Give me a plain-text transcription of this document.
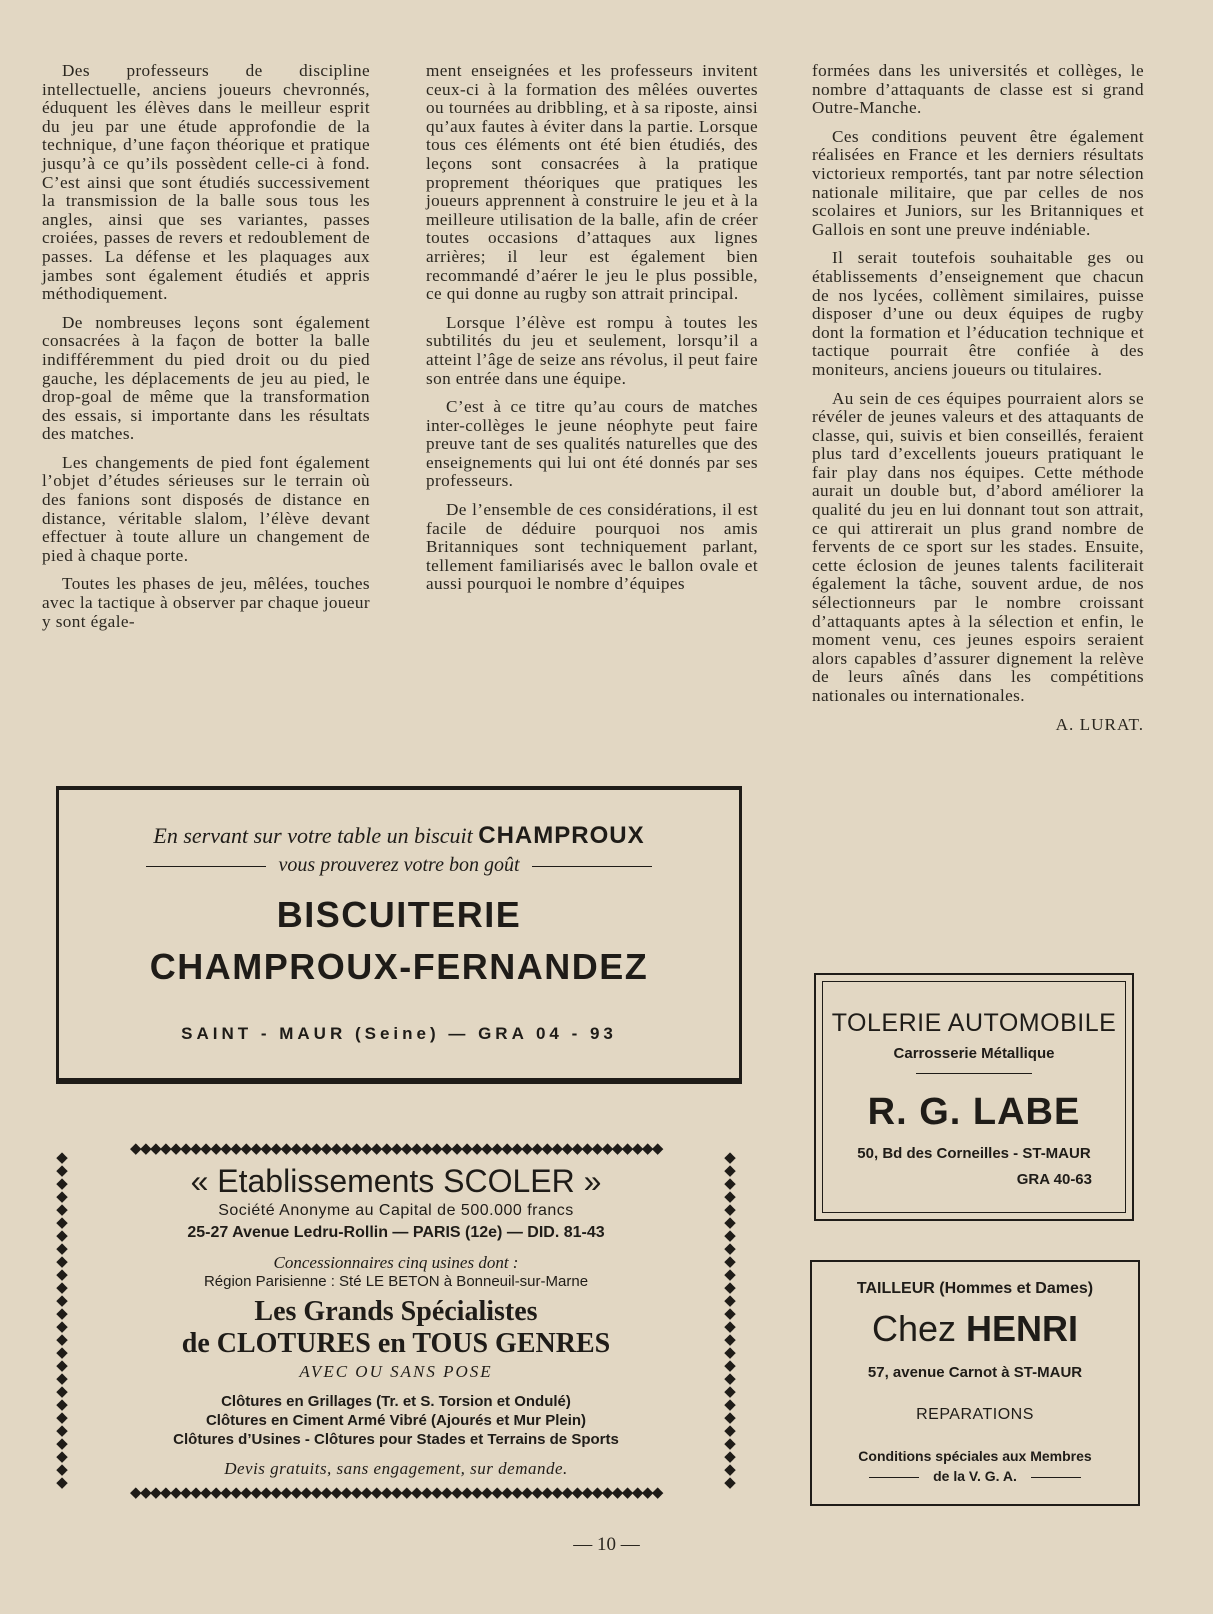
Des professeurs de discipline intellectuelle, anciens joueurs chevronnés, éduquent les élèves dans le meilleur esprit du jeu par une étude approfondie de la technique, d’une façon théorique et pratique jusqu’à ce qu’ils possèdent celle-ci à fond. C’est ainsi que sont étudiés successivement la transmission de la balle sous tous les angles, ainsi que ses variantes, passes croiées, passes de revers et redoublement de passes. La défense et les plaquages aux jambes sont également étudiés et appris méthodiquement.

De nombreuses leçons sont également consacrées à la façon de botter la balle indifféremment du pied droit ou du pied gauche, les déplacements de jeu au pied, le drop-goal de même que la transformation des essais, si importante dans les résultats des matches.

Les changements de pied font également l’objet d’études sérieuses sur le terrain où des fanions sont disposés de distance en distance, véritable slalom, l’élève devant effectuer à toute allure un changement de pied à chaque porte.

Toutes les phases de jeu, mêlées, touches avec la tactique à observer par chaque joueur y sont égale-

ment enseignées et les professeurs invitent ceux-ci à la formation des mêlées ouvertes ou tournées au dribbling, et à sa riposte, ainsi qu’aux fautes à éviter dans la partie. Lorsque tous ces éléments ont été bien étudiés, des leçons sont consacrées à la pratique proprement théoriques que pratiques les joueurs apprennent à construire le jeu et à la meilleure utilisation de la balle, afin de créer toutes occasions d’attaques aux lignes arrières; il leur est également bien recommandé d’aérer le jeu le plus possible, ce qui donne au rugby son attrait principal.

Lorsque l’élève est rompu à toutes les subtilités du jeu et seulement, lorsqu’il a atteint l’âge de seize ans révolus, il peut faire son entrée dans une équipe.

C’est à ce titre qu’au cours de matches inter-collèges le jeune néophyte peut faire preuve tant de ses qualités naturelles que des enseignements qui lui ont été donnés par ses professeurs.

De l’ensemble de ces considérations, il est facile de déduire pourquoi nos amis Britanniques sont techniquement parlant, tellement familiarisés avec le ballon ovale et aussi pourquoi le nombre d’équipes

formées dans les universités et collèges, le nombre d’attaquants de classe est si grand Outre-Manche.

Ces conditions peuvent être également réalisées en France et les derniers résultats victorieux remportés, tant par notre sélection nationale militaire, que par celles de nos scolaires et Juniors, sur les Britanniques et Gallois en sont une preuve indéniable.

Il serait toutefois souhaitable ges ou établissements d’enseignement que chacun de nos lycées, collèment similaires, puisse disposer d’une ou deux équipes de rugby dont la formation et l’éducation technique et tactique pourrait être confiée à des moniteurs, anciens joueurs ou titulaires.

Au sein de ces équipes pourraient alors se révéler de jeunes valeurs et des attaquants de classe, qui, suivis et bien conseillés, feraient plus tard d’excellents joueurs pratiquant le fair play dans nos équipes. Cette méthode aurait un double but, d’abord améliorer la qualité du jeu en lui donnant tout son attrait, ce qui attirerait un plus grand nombre de fervents de ce sport sur les stades. Ensuite, cette éclosion de jeunes talents faciliterait également la tâche, souvent ardue, de nos sélectionneurs par le nombre croissant d’attaquants aptes à la sélection et enfin, le moment venu, ces jeunes espoirs seraient alors capables d’assurer dignement la relève de leurs aînés dans les compétitions nationales ou internationales.

A. LURAT.

En servant sur votre table un biscuit CHAMPROUX
vous prouverez votre bon goût
BISCUITERIE
CHAMPROUX-FERNANDEZ
SAINT - MAUR (Seine) — GRA 04 - 93
◆◆◆◆◆◆◆◆◆◆◆◆◆◆◆◆◆◆◆◆◆◆◆◆◆◆◆◆◆◆◆◆◆◆◆◆◆◆◆◆◆◆◆◆◆◆◆◆◆◆◆◆◆
◆◆◆◆◆◆◆◆◆◆◆◆◆◆◆◆◆◆◆◆◆◆◆◆◆◆◆◆◆◆◆◆◆◆◆◆◆◆◆◆◆◆◆◆◆◆◆◆◆◆◆◆◆
◆
◆
◆
◆
◆
◆
◆
◆
◆
◆
◆
◆
◆
◆
◆
◆
◆
◆
◆
◆
◆
◆
◆
◆
◆
◆
◆
◆
◆
◆
◆
◆
◆
◆
◆
◆
◆
◆
◆
◆
◆
◆
◆
◆
◆
◆
◆
◆
◆
◆
◆
◆
« Etablissements SCOLER »
Société Anonyme au Capital de 500.000 francs
25-27 Avenue Ledru-Rollin — PARIS (12e) — DID. 81-43
Concessionnaires cinq usines dont :
Région Parisienne : Sté LE BETON à Bonneuil-sur-Marne
Les Grands Spécialistes
de CLOTURES en TOUS GENRES
AVEC OU SANS POSE
Clôtures en Grillages (Tr. et S. Torsion et Ondulé)
Clôtures en Ciment Armé Vibré (Ajourés et Mur Plein)
Clôtures d’Usines - Clôtures pour Stades et Terrains de Sports
Devis gratuits, sans engagement, sur demande.
TOLERIE AUTOMOBILE
Carrosserie Métallique
R. G. LABE
50, Bd des Corneilles - ST-MAUR
GRA 40-63
TAILLEUR (Hommes et Dames)
Chez HENRI
57, avenue Carnot à ST-MAUR
REPARATIONS
Conditions spéciales aux Membres
de la V. G. A.
— 10 —
